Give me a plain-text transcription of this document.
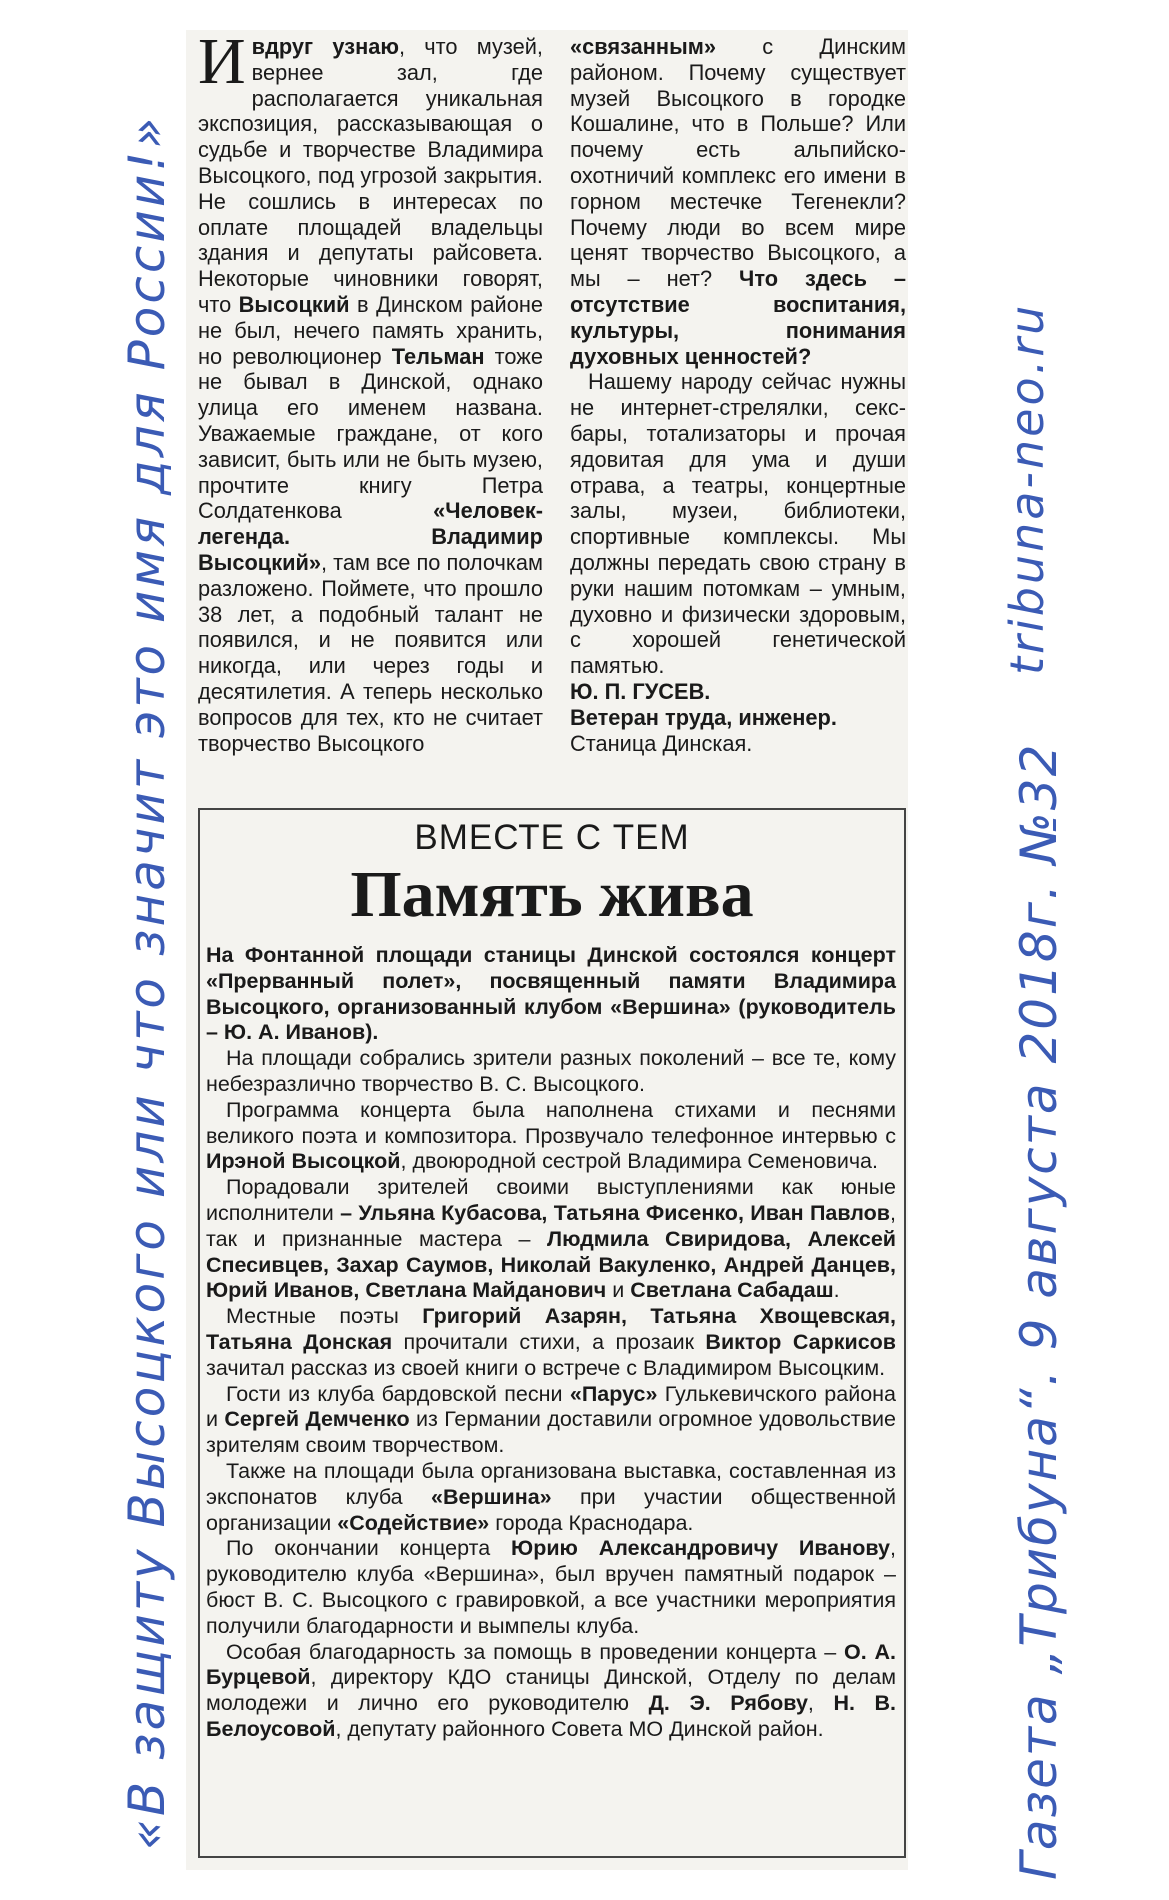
Ивдруг узнаю, что музей, вернее зал, где располагается уникальная экспозиция, рассказывающая о судьбе и творчестве Владимира Высоцкого, под угрозой закрытия. Не сошлись в интересах по оплате площадей владельцы здания и депутаты райсовета. Некоторые чиновники говорят, что Высоцкий в Динском районе не был, нечего память хранить, но революционер Тельман тоже не бывал в Динской, однако улица его именем названа. Уважаемые граждане, от кого зависит, быть или не быть музею, прочтите книгу Петра Солдатенкова «Человек-легенда. Владимир Высоцкий», там все по полочкам разложено. Поймете, что прошло 38 лет, а подобный талант не появился, и не появится или никогда, или через годы и десятилетия. А теперь несколько вопросов для тех, кто не считает творчество Высоцкого

«связанным» с Динским районом. Почему существует музей Высоцкого в городке Кошалине, что в Польше? Или почему есть альпийско-охотничий комплекс его имени в горном местечке Тегенекли? Почему люди во всем мире ценят творчество Высоцкого, а мы – нет? Что здесь – отсутствие воспитания, культуры, понимания духовных ценностей?

Нашему народу сейчас нужны не интернет-стрелялки, секс-бары, тотализаторы и прочая ядовитая для ума и души отрава, а театры, концертные залы, музеи, библиотеки, спортивные комплексы. Мы должны передать свою страну в руки нашим потомкам – умным, духовно и физически здоровым, с хорошей генетической памятью.

Ю. П. ГУСЕВ.

Ветеран труда, инженер.

Станица Динская.

ВМЕСТЕ С ТЕМ
Память жива

На Фонтанной площади станицы Динской состоялся концерт «Прерванный полет», посвященный памяти Владимира Высоцкого, организованный клубом «Вершина» (руководитель – Ю. А. Иванов).

На площади собрались зрители разных поколений – все те, кому небезразлично творчество В. С. Высоцкого.

Программа концерта была наполнена стихами и песнями великого поэта и композитора. Прозвучало телефонное интервью с Ирэной Высоцкой, двоюродной сестрой Владимира Семеновича.

Порадовали зрителей своими выступлениями как юные исполнители – Ульяна Кубасова, Татьяна Фисенко, Иван Павлов, так и признанные мастера – Людмила Свиридова, Алексей Спесивцев, Захар Саумов, Николай Вакуленко, Андрей Данцев, Юрий Иванов, Светлана Майданович и Светлана Сабадаш.

Местные поэты Григорий Азарян, Татьяна Хвощевская, Татьяна Донская прочитали стихи, а прозаик Виктор Саркисов зачитал рассказ из своей книги о встрече с Владимиром Высоцким.

Гости из клуба бардовской песни «Парус» Гулькевичского района и Сергей Демченко из Германии доставили огромное удовольствие зрителям своим творчеством.

Также на площади была организована выставка, составленная из экспонатов клуба «Вершина» при участии общественной организации «Содействие» города Краснодара.

По окончании концерта Юрию Александровичу Иванову, руководителю клуба «Вершина», был вручен памятный подарок – бюст В. С. Высоцкого с гравировкой, а все участники мероприятия получили благодарности и вымпелы клуба.

Особая благодарность за помощь в проведении концерта – О. А. Бурцевой, директору КДО станицы Динской, Отделу по делам молодежи и лично его руководителю Д. Э. Рябову, Н. В. Белоусовой, депутату районного Совета МО Динской район.

«В защиту Высоцкого или что значит это имя для России!»	Газета „Трибуна“. 9 августа 2018г. №32
tribuna-neo.ru
